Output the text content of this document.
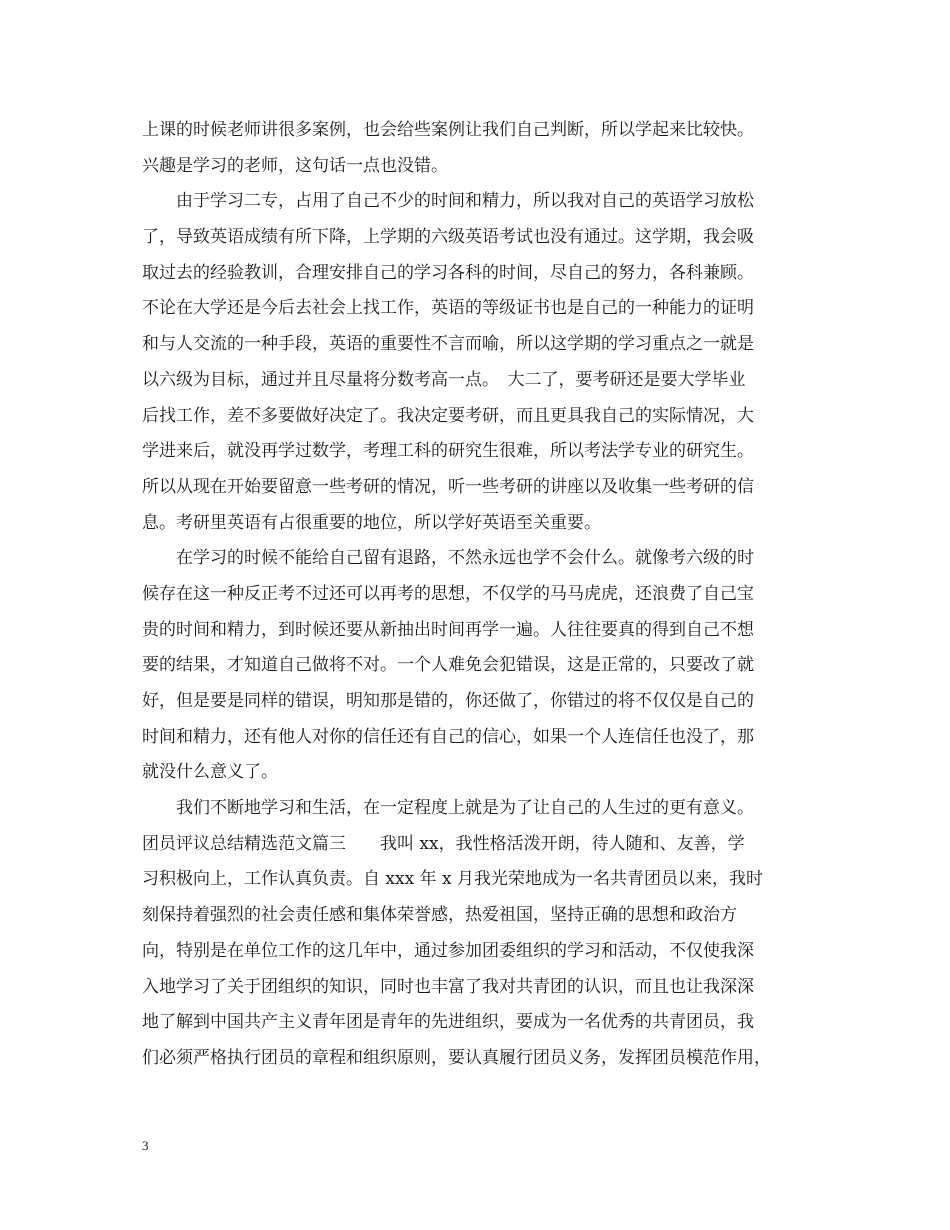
上课的时候老师讲很多案例，也会给些案例让我们自己判断，所以学起来比较快。
兴趣是学习的老师，这句话一点也没错。
　　由于学习二专，占用了自己不少的时间和精力，所以我对自己的英语学习放松
了，导致英语成绩有所下降，上学期的六级英语考试也没有通过。这学期，我会吸
取过去的经验教训，合理安排自己的学习各科的时间，尽自己的努力，各科兼顾。
不论在大学还是今后去社会上找工作，英语的等级证书也是自己的一种能力的证明
和与人交流的一种手段，英语的重要性不言而喻，所以这学期的学习重点之一就是
以六级为目标，通过并且尽量将分数考高一点。　大二了，要考研还是要大学毕业
后找工作，差不多要做好决定了。我决定要考研，而且更具我自己的实际情况，大
学进来后，就没再学过数学，考理工科的研究生很难，所以考法学专业的研究生。
所以从现在开始要留意一些考研的情况，听一些考研的讲座以及收集一些考研的信
息。考研里英语有占很重要的地位，所以学好英语至关重要。
　　在学习的时候不能给自己留有退路，不然永远也学不会什么。就像考六级的时
候存在这一种反正考不过还可以再考的思想，不仅学的马马虎虎，还浪费了自己宝
贵的时间和精力，到时候还要从新抽出时间再学一遍。人往往要真的得到自己不想
要的结果，才知道自己做将不对。一个人难免会犯错误，这是正常的，只要改了就
好，但是要是同样的错误，明知那是错的，你还做了，你错过的将不仅仅是自己的
时间和精力，还有他人对你的信任还有自己的信心，如果一个人连信任也没了，那
就没什么意义了。
　　我们不断地学习和生活，在一定程度上就是为了让自己的人生过的更有意义。
团员评议总结精选范文篇三　　我叫 xx，我性格活泼开朗，待人随和、友善，学
习积极向上，工作认真负责。自 xxx 年 x 月我光荣地成为一名共青团员以来，我时
刻保持着强烈的社会责任感和集体荣誉感，热爱祖国，坚持正确的思想和政治方
向，特别是在单位工作的这几年中，通过参加团委组织的学习和活动，不仅使我深
入地学习了关于团组织的知识，同时也丰富了我对共青团的认识，而且也让我深深
地了解到中国共产主义青年团是青年的先进组织，要成为一名优秀的共青团员，我
们必须严格执行团员的章程和组织原则，要认真履行团员义务，发挥团员模范作用，
3
